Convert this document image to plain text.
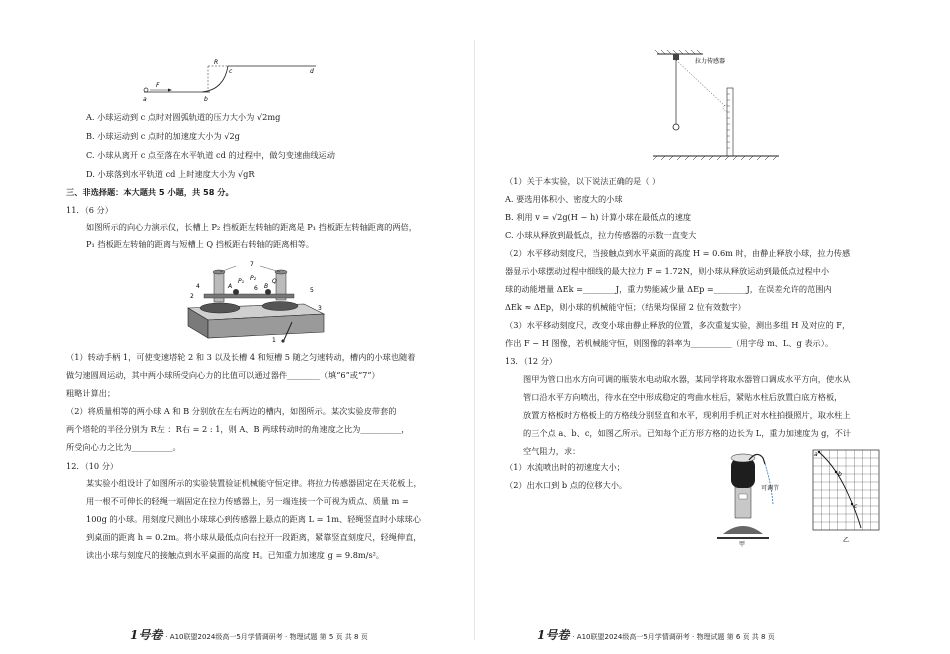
F
a	b
R
c	d
A. 小球运动到 c 点时对圆弧轨道的压力大小为 √2mg
B. 小球运动到 c 点时的加速度大小为 √2g
C. 小球从离开 c 点至落在水平轨道 cd 的过程中，做匀变速曲线运动
D. 小球落到水平轨道 cd 上时速度大小为 √gR
三、非选择题：本大题共 5 小题，共 58 分。
11．（6 分）
如图所示的向心力演示仪，长槽上 P₂ 挡板距左转轴的距离是 P₁ 挡板距左转轴距离的两倍，
P₁ 挡板距左转轴的距离与短槽上 Q 挡板距右转轴的距离相等。
7
4	A
P₁ P₂
B
Q
6	5
2
1
3
（1）转动手柄 1，可使变速塔轮 2 和 3 以及长槽 4 和短槽 5 随之匀速转动，槽内的小球也随着
做匀速圆周运动，其中两小球所受向心力的比值可以通过器件________（填“6”或“7”）
粗略计算出；
（2）将质量相等的两小球 A 和 B 分别放在左右两边的槽内，如图所示。某次实验皮带套的
两个塔轮的半径分别为 R左 ：R右 = 2 : 1，则 A、B 两球转动时的角速度之比为__________，
所受向心力之比为__________。
12．（10 分）
某实验小组设计了如图所示的实验装置验证机械能守恒定律。将拉力传感器固定在天花板上，
用一根不可伸长的轻绳一端固定在拉力传感器上，另一端连接一个可视为质点、质量 m =
100g 的小球。用刻度尺测出小球球心到传感器上悬点的距离 L = 1m、轻绳竖直时小球球心
到桌面的距离 h = 0.2m。将小球从最低点向右拉开一段距离，紧靠竖直刻度尺，轻绳伸直，
读出小球与刻度尺的接触点到水平桌面的高度 H。已知重力加速度 g = 9.8m/s²。
1号卷 · A10联盟2024级高一5月学情调研考 · 物理试题 第 5 页 共 8 页
拉力传感器
（1）关于本实验，以下说法正确的是（ ）
A. 要选用体积小、密度大的小球
B. 利用 v = √2g(H − h) 计算小球在最低点的速度
C. 小球从释放到最低点，拉力传感器的示数一直变大
（2）水平移动刻度尺，当接触点到水平桌面的高度 H = 0.6m 时，由静止释放小球，拉力传感
器显示小球摆动过程中细线的最大拉力 F = 1.72N，则小球从释放运动到最低点过程中小
球的动能增量 ΔEk =________J，重力势能减少量 ΔEp =________J，在误差允许的范围内
ΔEk ≈ ΔEp，则小球的机械能守恒；（结果均保留 2 位有效数字）
（3）水平移动刻度尺，改变小球由静止释放的位置，多次重复实验，测出多组 H 及对应的 F，
作出 F − H 图像，若机械能守恒，则图像的斜率为__________（用字母 m、L、g 表示）。
13．（12 分）
图甲为管口出水方向可调的瓶装水电动取水器，某同学将取水器管口调成水平方向，使水从
管口沿水平方向喷出，待水在空中形成稳定的弯曲水柱后，紧贴水柱后放置白底方格板，
放置方格板时方格板上的方格线分别竖直和水平，现利用手机正对水柱拍摄照片，取水柱上
的三个点 a、b、c，如图乙所示。已知每个正方形方格的边长为 L，重力加速度为 g，不计
空气阻力，求：
（1）水流喷出时的初速度大小；
（2）出水口到 b 点的位移大小。	可调节
甲
a
b
c
乙
1号卷 · A10联盟2024级高一5月学情调研考 · 物理试题 第 6 页 共 8 页
